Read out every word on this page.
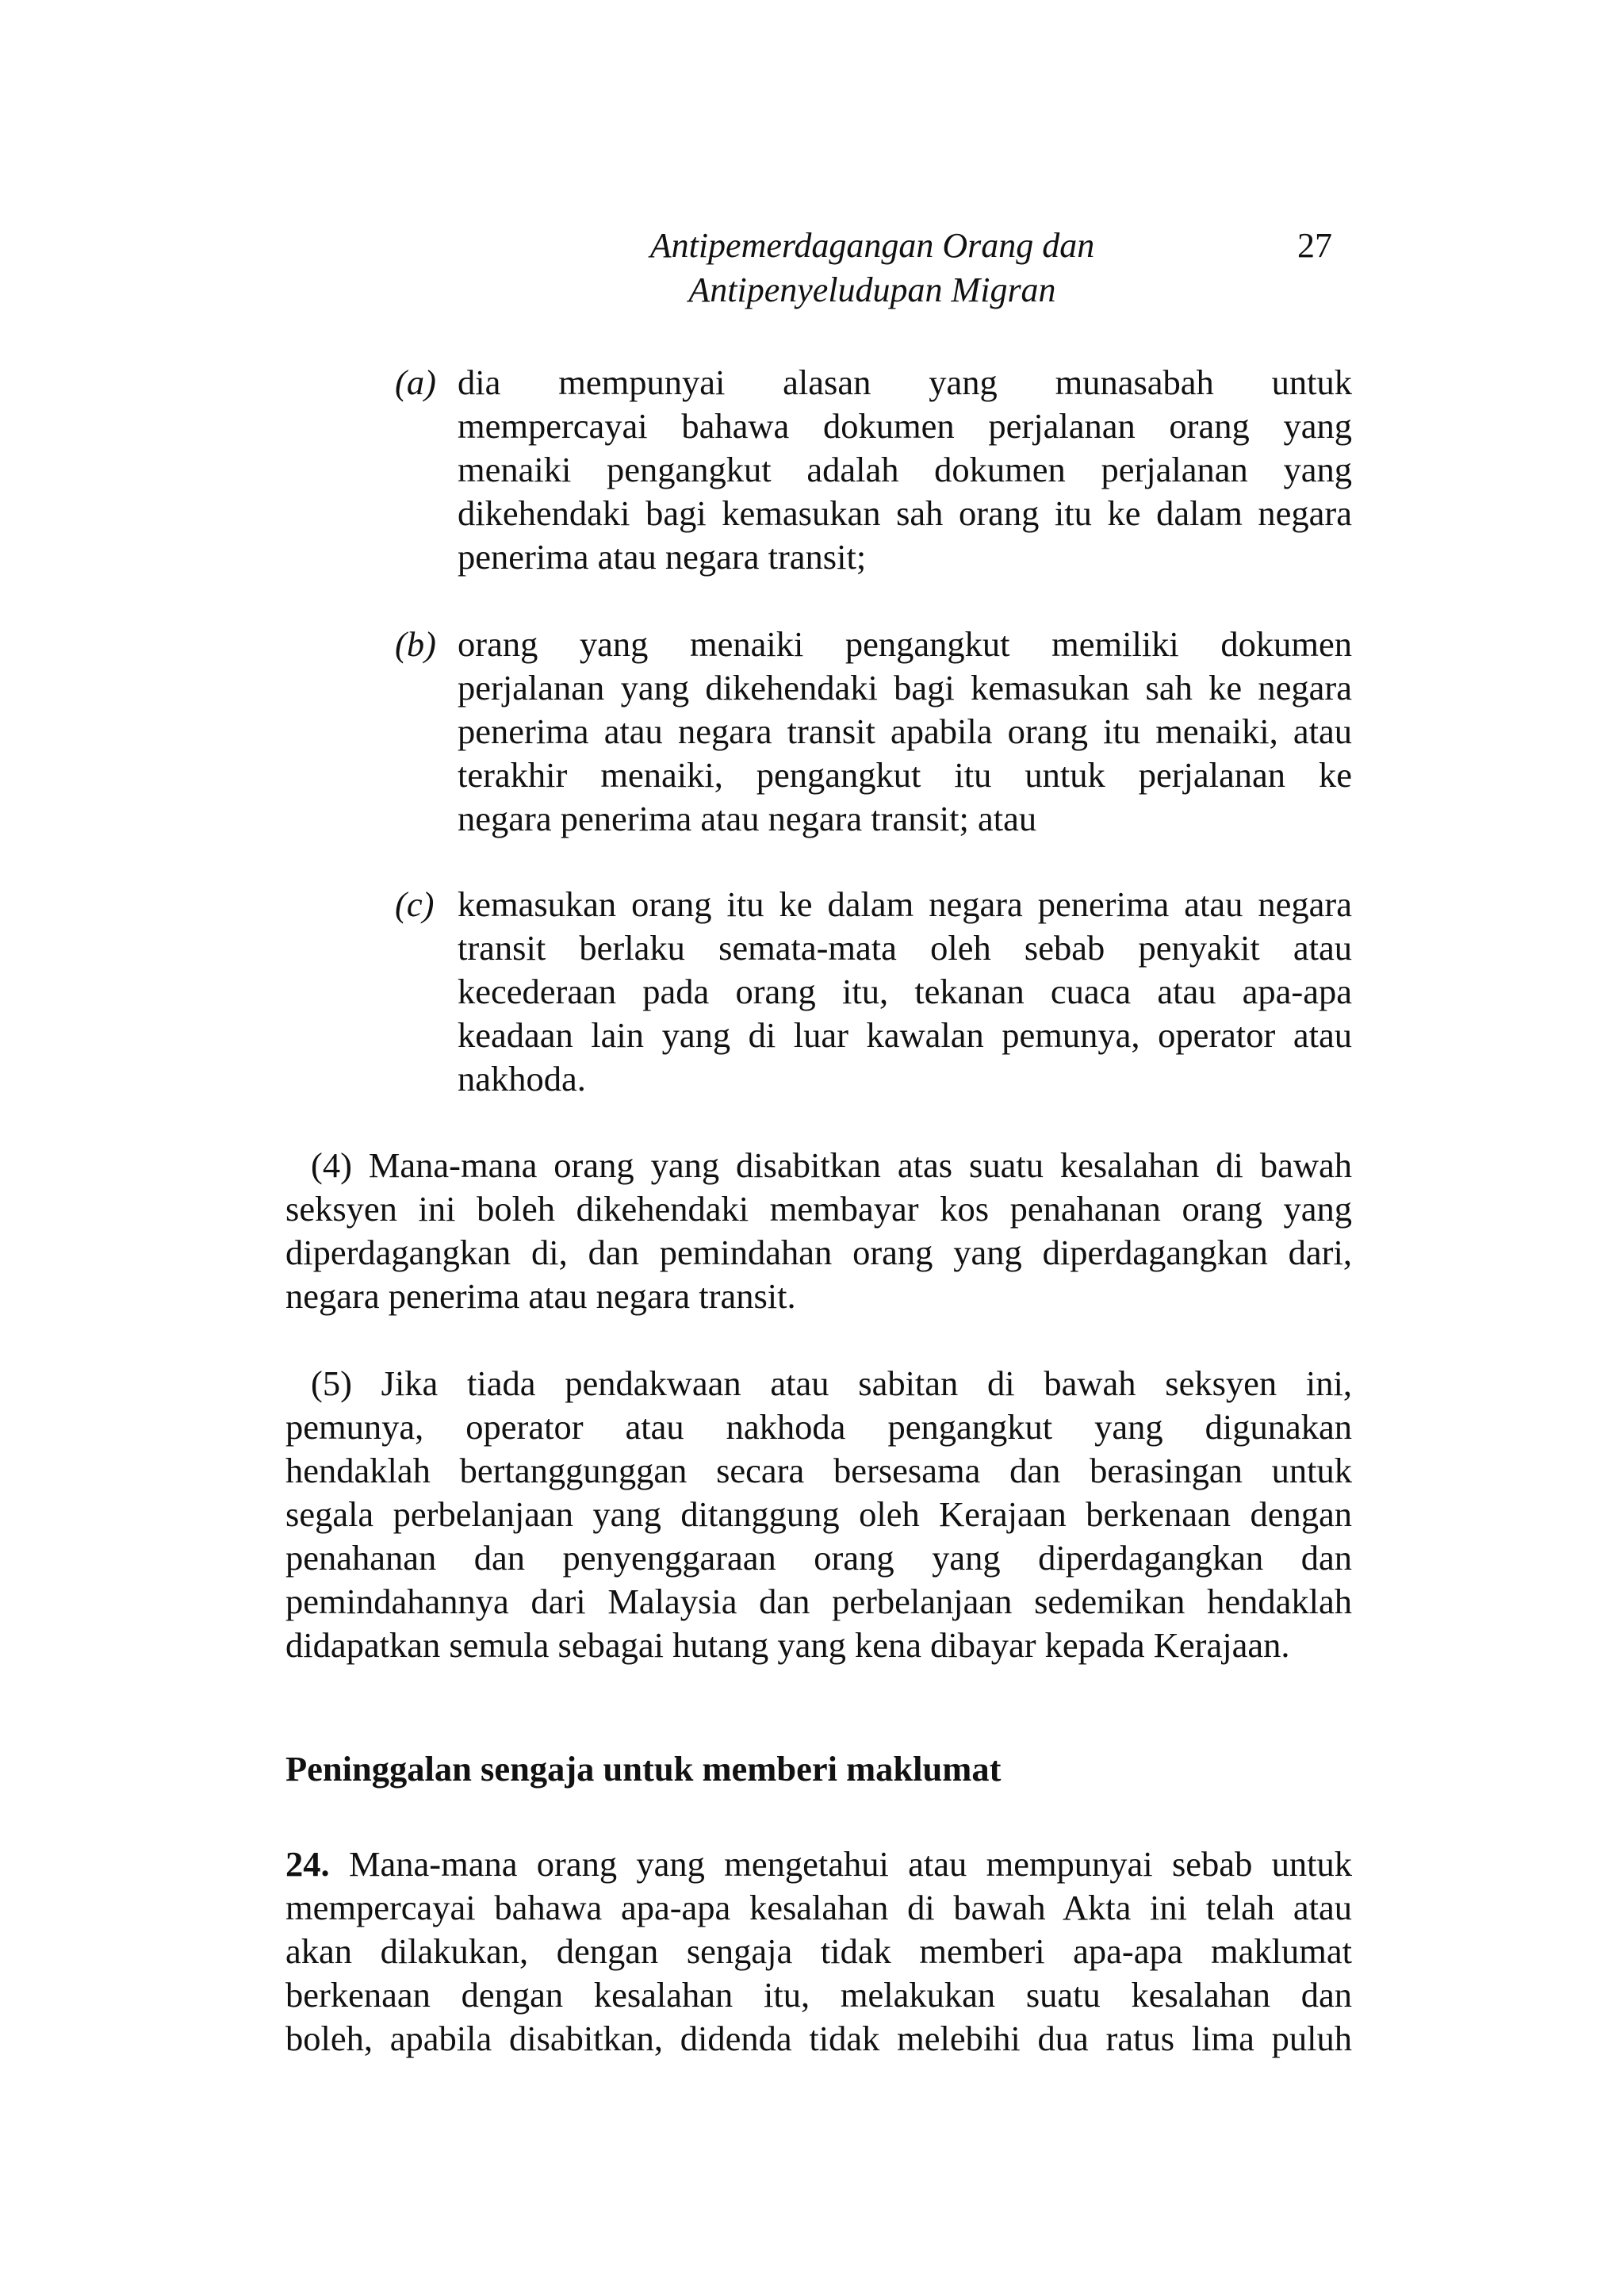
Antipemerdagangan Orang dan
Antipenyeludupan Migran
27
(a) dia mempunyai alasan yang munasabah untuk
mempercayai bahawa dokumen perjalanan orang yang
menaiki pengangkut adalah dokumen perjalanan yang
dikehendaki bagi kemasukan sah orang itu ke dalam negara
penerima atau negara transit;
(b) orang yang menaiki pengangkut memiliki dokumen
perjalanan yang dikehendaki bagi kemasukan sah ke negara
penerima atau negara transit apabila orang itu menaiki, atau
terakhir menaiki, pengangkut itu untuk perjalanan ke
negara penerima atau negara transit; atau
(c) kemasukan orang itu ke dalam negara penerima atau negara
transit berlaku semata-mata oleh sebab penyakit atau
kecederaan pada orang itu, tekanan cuaca atau apa-apa
keadaan lain yang di luar kawalan pemunya, operator atau
nakhoda.
(4) Mana-mana orang yang disabitkan atas suatu kesalahan di bawah
seksyen ini boleh dikehendaki membayar kos penahanan orang yang
diperdagangkan di, dan pemindahan orang yang diperdagangkan dari,
negara penerima atau negara transit.
(5) Jika tiada pendakwaan atau sabitan di bawah seksyen ini,
pemunya, operator atau nakhoda pengangkut yang digunakan
hendaklah bertanggunggan secara bersesama dan berasingan untuk
segala perbelanjaan yang ditanggung oleh Kerajaan berkenaan dengan
penahanan dan penyenggaraan orang yang diperdagangkan dan
pemindahannya dari Malaysia dan perbelanjaan sedemikan hendaklah
didapatkan semula sebagai hutang yang kena dibayar kepada Kerajaan.
Peninggalan sengaja untuk memberi maklumat
24. Mana-mana orang yang mengetahui atau mempunyai sebab untuk
mempercayai bahawa apa-apa kesalahan di bawah Akta ini telah atau
akan dilakukan, dengan sengaja tidak memberi apa-apa maklumat
berkenaan dengan kesalahan itu, melakukan suatu kesalahan dan
boleh, apabila disabitkan, didenda tidak melebihi dua ratus lima puluh
